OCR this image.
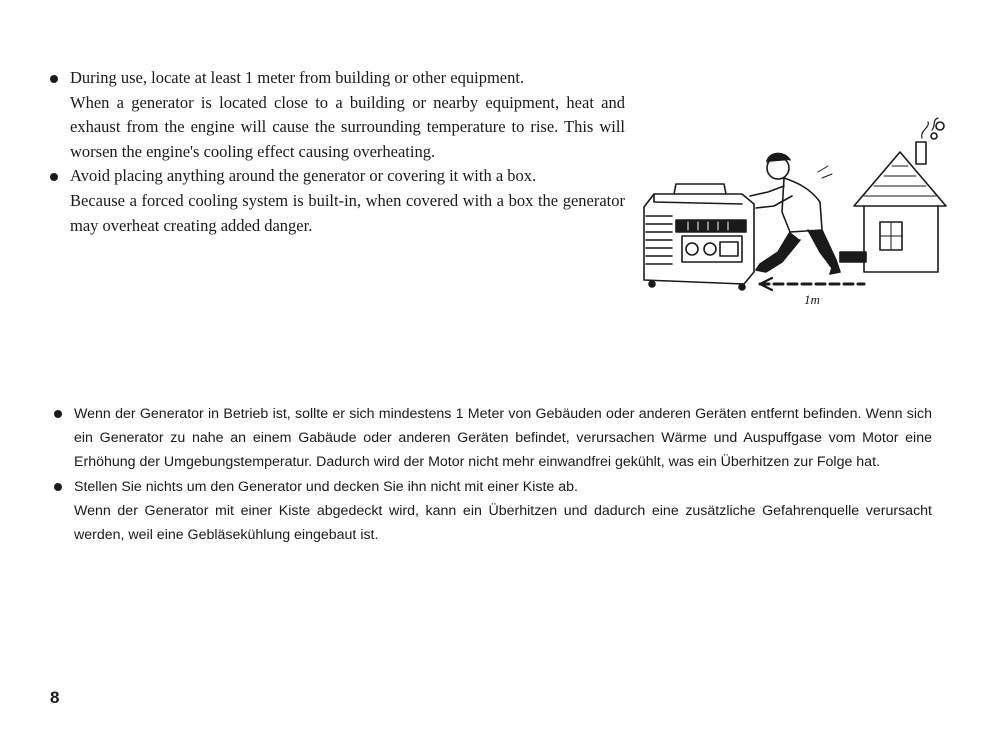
During use, locate at least 1 meter from building or other equipment.
When a generator is located close to a building or nearby equipment, heat and exhaust from the engine will cause the surrounding temperature to rise. This will worsen the engine's cooling effect causing overheating.
Avoid placing anything around the generator or covering it with a box.
Because a forced cooling system is built-in, when covered with a box the generator may overheat creating added danger.
1m
Wenn der Generator in Betrieb ist, sollte er sich mindestens 1 Meter von Gebäuden oder anderen Geräten entfernt befinden. Wenn sich ein Generator zu nahe an einem Gabäude oder anderen Geräten befindet, verursachen Wärme und Auspuffgase vom Motor eine Erhöhung der Umgebungstemperatur. Dadurch wird der Motor nicht mehr einwandfrei gekühlt, was ein Überhitzen zur Folge hat.
Stellen Sie nichts um den Generator und decken Sie ihn nicht mit einer Kiste ab.
Wenn der Generator mit einer Kiste abgedeckt wird, kann ein Überhitzen und dadurch eine zusätzliche Gefahrenquelle verursacht werden, weil eine Gebläsekühlung eingebaut ist.
8
